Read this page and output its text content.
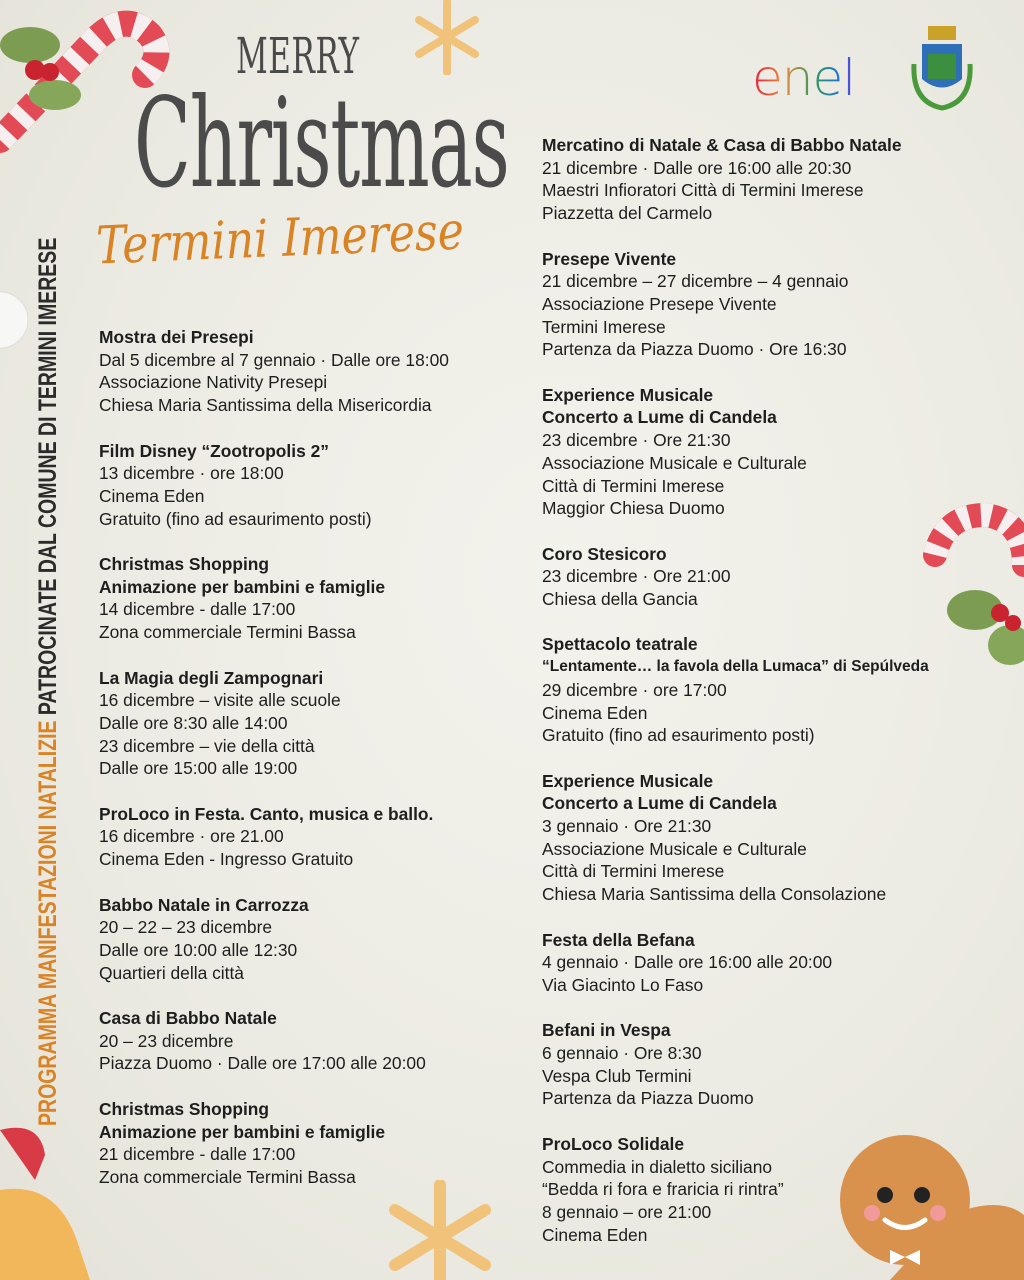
MERRY
Christmas
Termini Imerese
enel
PROGRAMMA MANIFESTAZIONI NATALIZIE PATROCINATE DAL COMUNE DI TERMINI IMERESE	Mostra dei Presepi
Dal 5 dicembre al 7 gennaio · Dalle ore 18:00
Associazione Nativity Presepi
Chiesa Maria Santissima della Misericordia
Film Disney “Zootropolis 2”
13 dicembre · ore 18:00
Cinema Eden
Gratuito (fino ad esaurimento posti)
Christmas Shopping
Animazione per bambini e famiglie
14 dicembre - dalle 17:00
Zona commerciale Termini Bassa
La Magia degli Zampognari
16 dicembre – visite alle scuole
Dalle ore 8:30 alle 14:00
23 dicembre – vie della città
Dalle ore 15:00 alle 19:00
ProLoco in Festa. Canto, musica e ballo.
16 dicembre · ore 21.00
Cinema Eden - Ingresso Gratuito
Babbo Natale in Carrozza
20 – 22 – 23 dicembre
Dalle ore 10:00 alle 12:30
Quartieri della città
Casa di Babbo Natale
20 – 23 dicembre
Piazza Duomo · Dalle ore 17:00 alle 20:00
Christmas Shopping
Animazione per bambini e famiglie
21 dicembre - dalle 17:00
Zona commerciale Termini Bassa
Mercatino di Natale & Casa di Babbo Natale
21 dicembre · Dalle ore 16:00 alle 20:30
Maestri Infioratori Città di Termini Imerese
Piazzetta del Carmelo
Presepe Vivente
21 dicembre – 27 dicembre – 4 gennaio
Associazione Presepe Vivente
Termini Imerese
Partenza da Piazza Duomo · Ore 16:30
Experience Musicale
Concerto a Lume di Candela
23 dicembre · Ore 21:30
Associazione Musicale e Culturale
Città di Termini Imerese
Maggior Chiesa Duomo
Coro Stesicoro
23 dicembre · Ore 21:00
Chiesa della Gancia
Spettacolo teatrale
“Lentamente… la favola della Lumaca” di Sepúlveda
29 dicembre · ore 17:00
Cinema Eden
Gratuito (fino ad esaurimento posti)
Experience Musicale
Concerto a Lume di Candela
3 gennaio · Ore 21:30
Associazione Musicale e Culturale
Città di Termini Imerese
Chiesa Maria Santissima della Consolazione
Festa della Befana
4 gennaio · Dalle ore 16:00 alle 20:00
Via Giacinto Lo Faso
Befani in Vespa
6 gennaio · Ore 8:30
Vespa Club Termini
Partenza da Piazza Duomo
ProLoco Solidale
Commedia in dialetto siciliano
“Bedda ri fora e fraricia ri rintra”
8 gennaio – ore 21:00
Cinema Eden
